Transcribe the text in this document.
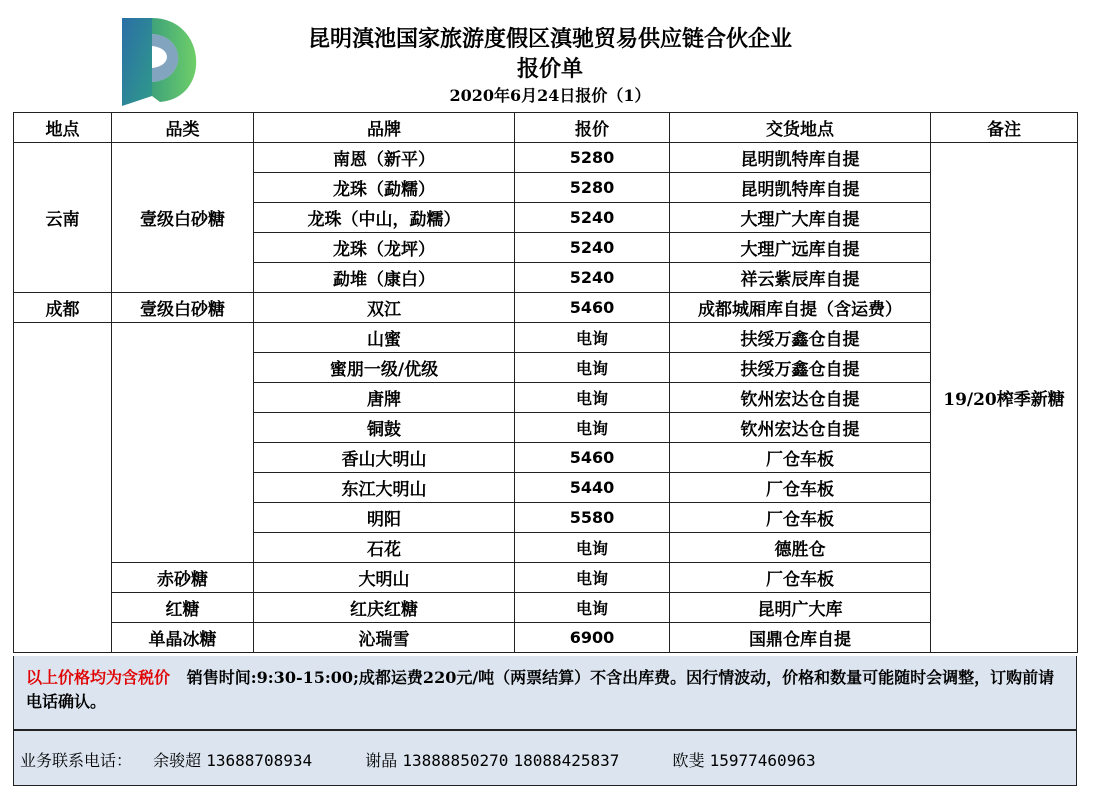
昆明滇池国家旅游度假区滇驰贸易供应链合伙企业
报价单
2020年6月24日报价（1）
地点	品类	品牌	报价	交货地点	备注
云南	壹级白砂糖	南恩（新平）	5280	昆明凯特库自提	19/20榨季新糖
		龙珠（勐糯）	5280	昆明凯特库自提	
		龙珠（中山，勐糯）	5240	大理广大库自提	
		龙珠（龙坪）	5240	大理广远库自提	
		勐堆（康白）	5240	祥云紫辰库自提	
成都	壹级白砂糖	双江	5460	成都城厢库自提（含运费）	
		山蜜	电询	扶绥万鑫仓自提	
		蜜朋一级/优级	电询	扶绥万鑫仓自提	
		唐牌	电询	钦州宏达仓自提	
		铜鼓	电询	钦州宏达仓自提	
		香山大明山	5460	厂仓车板	
		东江大明山	5440	厂仓车板	
		明阳	5580	厂仓车板	
		石花	电询	德胜仓	
	赤砂糖	大明山	电询	厂仓车板	
	红糖	红庆红糖	电询	昆明广大库	
	单晶冰糖	沁瑞雪	6900	国鼎仓库自提	
以上价格均为含税价 销售时间:9:30-15:00;成都运费220元/吨（两票结算）不含出库费。因行情波动，价格和数量可能随时会调整，订购前请电话确认。
业务联系电话： 余骏超 13688708934	谢晶 13888850270 18088425837	欧斐 15977460963
